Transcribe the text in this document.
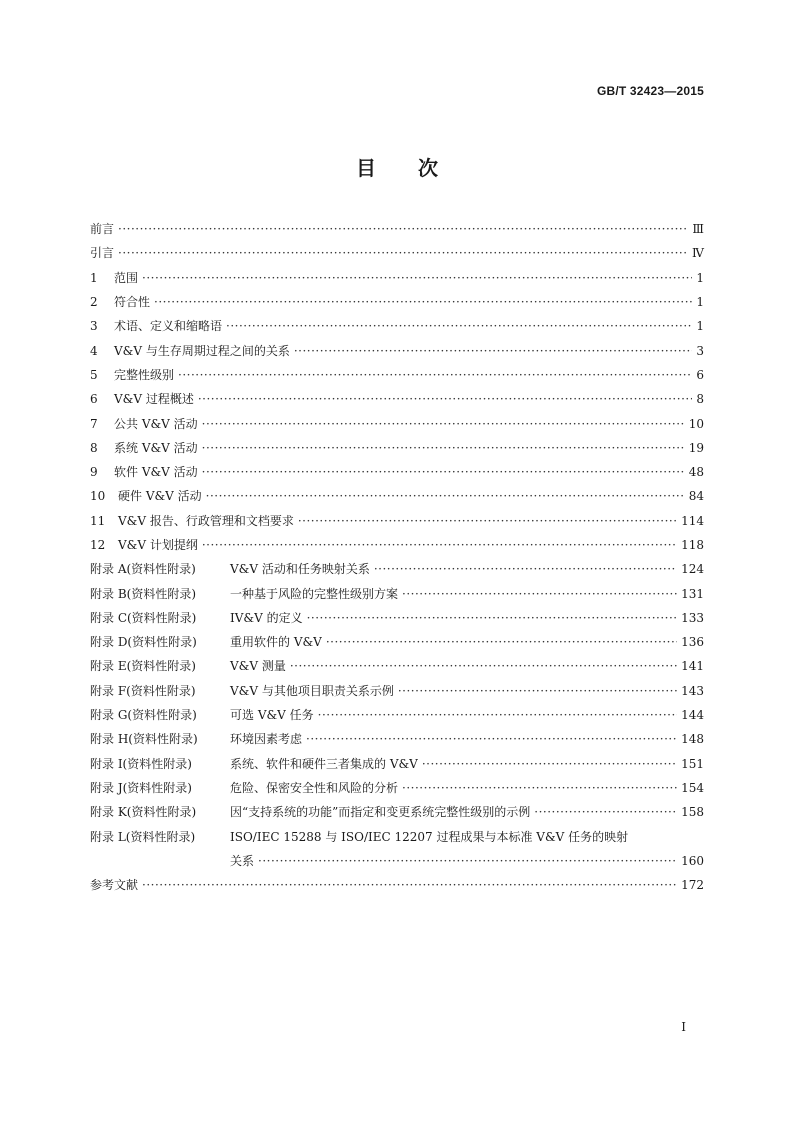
GB/T 32423—2015
目 次
前言 ·····	Ⅲ
引言 ·····	Ⅳ
1 范围 ·····	1
2 符合性 ·····	1
3 术语、定义和缩略语 ·····	1
4 V&V 与生存周期过程之间的关系 ·····	3
5 完整性级别 ·····	6
6 V&V 过程概述 ·····	8
7 公共 V&V 活动 ·····	10
8 系统 V&V 活动 ·····	19
9 软件 V&V 活动 ·····	48
10 硬件 V&V 活动 ·····	84
11 V&V 报告、行政管理和文档要求 ·····	114
12 V&V 计划提纲 ·····	118
附录 A(资料性附录)	V&V 活动和任务映射关系 ·····	124
附录 B(资料性附录)	一种基于风险的完整性级别方案 ·····	131
附录 C(资料性附录)	IV&V 的定义 ·····	133
附录 D(资料性附录)	重用软件的 V&V ·····	136
附录 E(资料性附录)	V&V 测量 ·····	141
附录 F(资料性附录)	V&V 与其他项目职责关系示例 ·····	143
附录 G(资料性附录)	可选 V&V 任务 ·····	144
附录 H(资料性附录)	环境因素考虑 ·····	148
附录 I(资料性附录)	系统、软件和硬件三者集成的 V&V ·····	151
附录 J(资料性附录)	危险、保密安全性和风险的分析 ·····	154
附录 K(资料性附录)	因“支持系统的功能”而指定和变更系统完整性级别的示例 ·····	158
附录 L(资料性附录)	ISO/IEC 15288 与 ISO/IEC 12207 过程成果与本标准 V&V 任务的映射
关系 ·····	160
参考文献 ·····	172
I
